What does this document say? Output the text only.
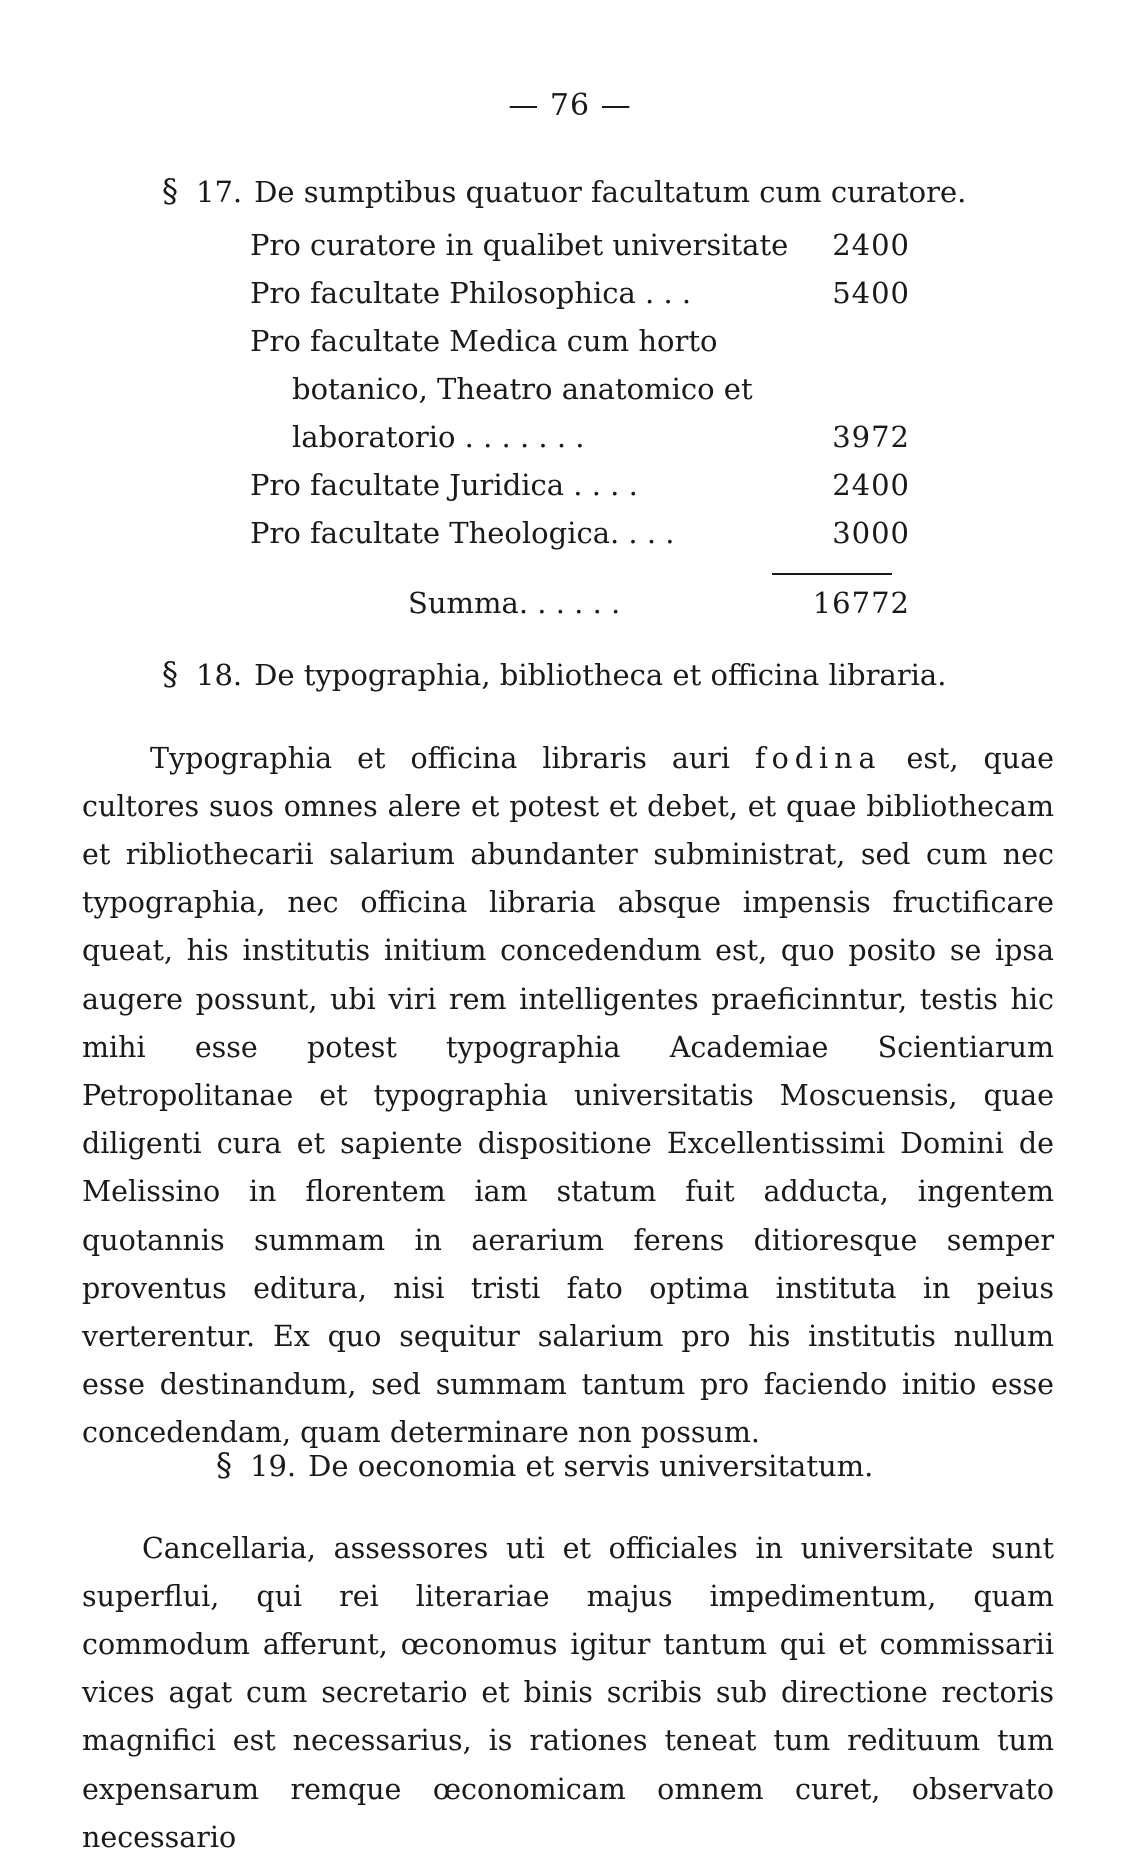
— 76 —
§ 17. De sumptibus quatuor facultatum cum curatore.
Pro curatore in qualibet universitate	2400
Pro facultate Philosophica . . .	5400
Pro facultate Medica cum horto
botanico, Theatro anatomico et
laboratorio . . . . . . .	3972
Pro facultate Juridica . . . .	2400
Pro facultate Theologica. . . .	3000
Summa. . . . . .	16772
§ 18. De typographia, bibliotheca et officina libraria.

Typographia et officina libraris auri fodina est, quae cultores suos omnes alere et potest et debet, et quae bibliothecam et ribliothecarii salarium abundanter subministrat, sed cum nec typographia, nec officina libraria absque impensis fructificare queat, his institutis initium concedendum est, quo posito se ipsa augere possunt, ubi viri rem intelligentes praeficinntur, testis hic mihi esse potest typographia Academiae Scientiarum Petropolitanae et typographia universitatis Moscuensis, quae diligenti cura et sapiente dispositione Excellentissimi Domini de Melissino in florentem iam statum fuit adducta, ingentem quotannis summam in aerarium ferens ditioresque semper proventus editura, nisi tristi fato optima instituta in peius verterentur. Ex quo sequitur salarium pro his institutis nullum esse destinandum, sed summam tantum pro faciendo initio esse concedendam, quam determinare non possum.

§ 19. De oeconomia et servis universitatum.

Cancellaria, assessores uti et officiales in universitate sunt superflui, qui rei literariae majus impedimentum, quam commodum afferunt, œconomus igitur tantum qui et commissarii vices agat cum secretario et binis scribis sub directione rectoris magnifici est necessarius, is rationes teneat tum redituum tum expensarum remque œconomicam omnem curet, observato necessario
